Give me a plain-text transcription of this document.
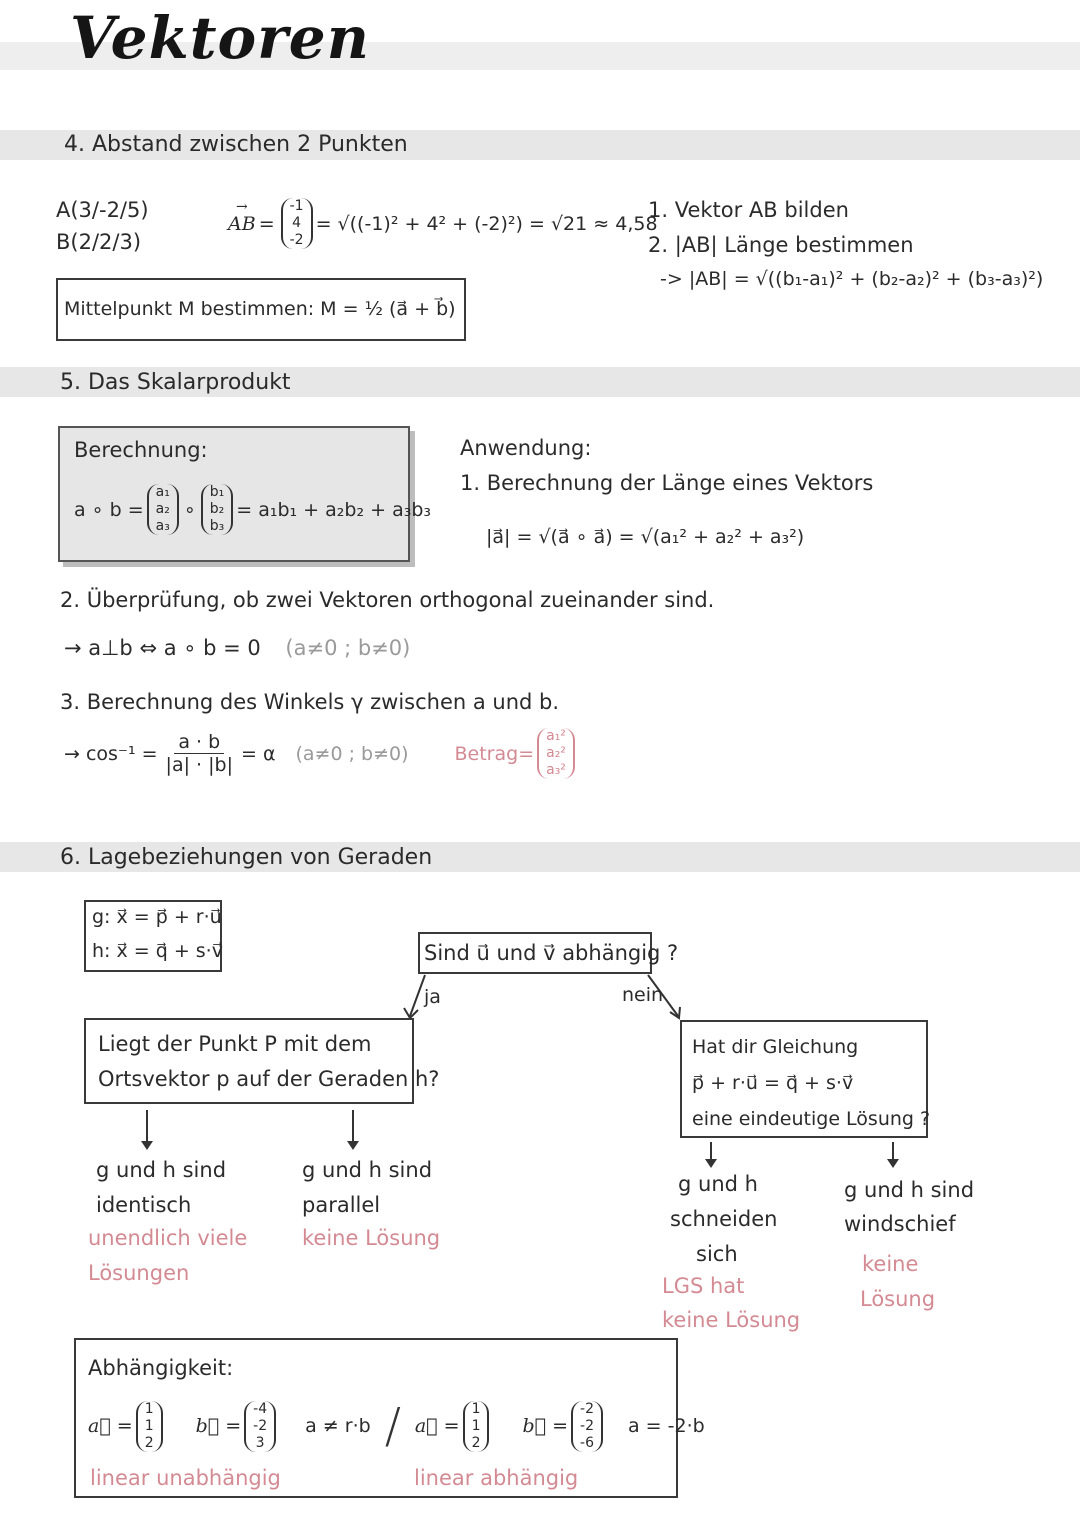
Vektoren
4. Abstand zwischen 2 Punkten
A(3/-2/5)
B(2/2/3)
→ AB =
-1
4
-2
= √((-1)² + 4² + (-2)²) = √21 ≈ 4,58
1. Vektor AB bilden
2. |AB| Länge bestimmen
-> |AB| = √((b₁-a₁)² + (b₂-a₂)² + (b₃-a₃)²)
Mittelpunkt M bestimmen: M = ½ (a⃗ + b⃗)
5. Das Skalarprodukt
Berechnung:
a ∘ b =
a₁
a₂
a₃
∘
b₁
b₂
b₃
= a₁b₁ + a₂b₂ + a₃b₃
Anwendung:
1. Berechnung der Länge eines Vektors
|a⃗| = √(a⃗ ∘ a⃗) = √(a₁² + a₂² + a₃²)
2. Überprüfung, ob zwei Vektoren orthogonal zueinander sind.
→ a⊥b ⇔ a ∘ b = 0 (a≠0 ; b≠0)
3. Berechnung des Winkels γ zwischen a und b.
→ $\cos^{-1} = \frac{a \cdot b}{|a| \cdot |b|} = \alpha$ (a≠0 ; b≠0) Betrag=
a₁²
a₂²
a₃²
6. Lagebeziehungen von Geraden
g: x⃗ = p⃗ + r·u⃗
h: x⃗ = q⃗ + s·v⃗	Sind u⃗ und v⃗ abhängig ?
ja	nein
Liegt der Punkt P mit dem
Ortsvektor p auf der Geraden h?
Hat dir Gleichung
p⃗ + r·u⃗ = q⃗ + s·v⃗
eine eindeutige Lösung ?
g und h sind
identisch
unendlich viele
Lösungen
g und h sind
parallel
keine Lösung
g und h
schneiden
sich
LGS hat
keine Lösung
g und h sind
windschief
keine
Lösung
Abhängigkeit:
a⃗ =
1
1
2
b⃗ =
-4
-2
3
a ≠ r·b / a⃗ =
1
1
2
b⃗ =
-2
-2
-6
a = -2·b
linear unabhängig	linear abhängig
